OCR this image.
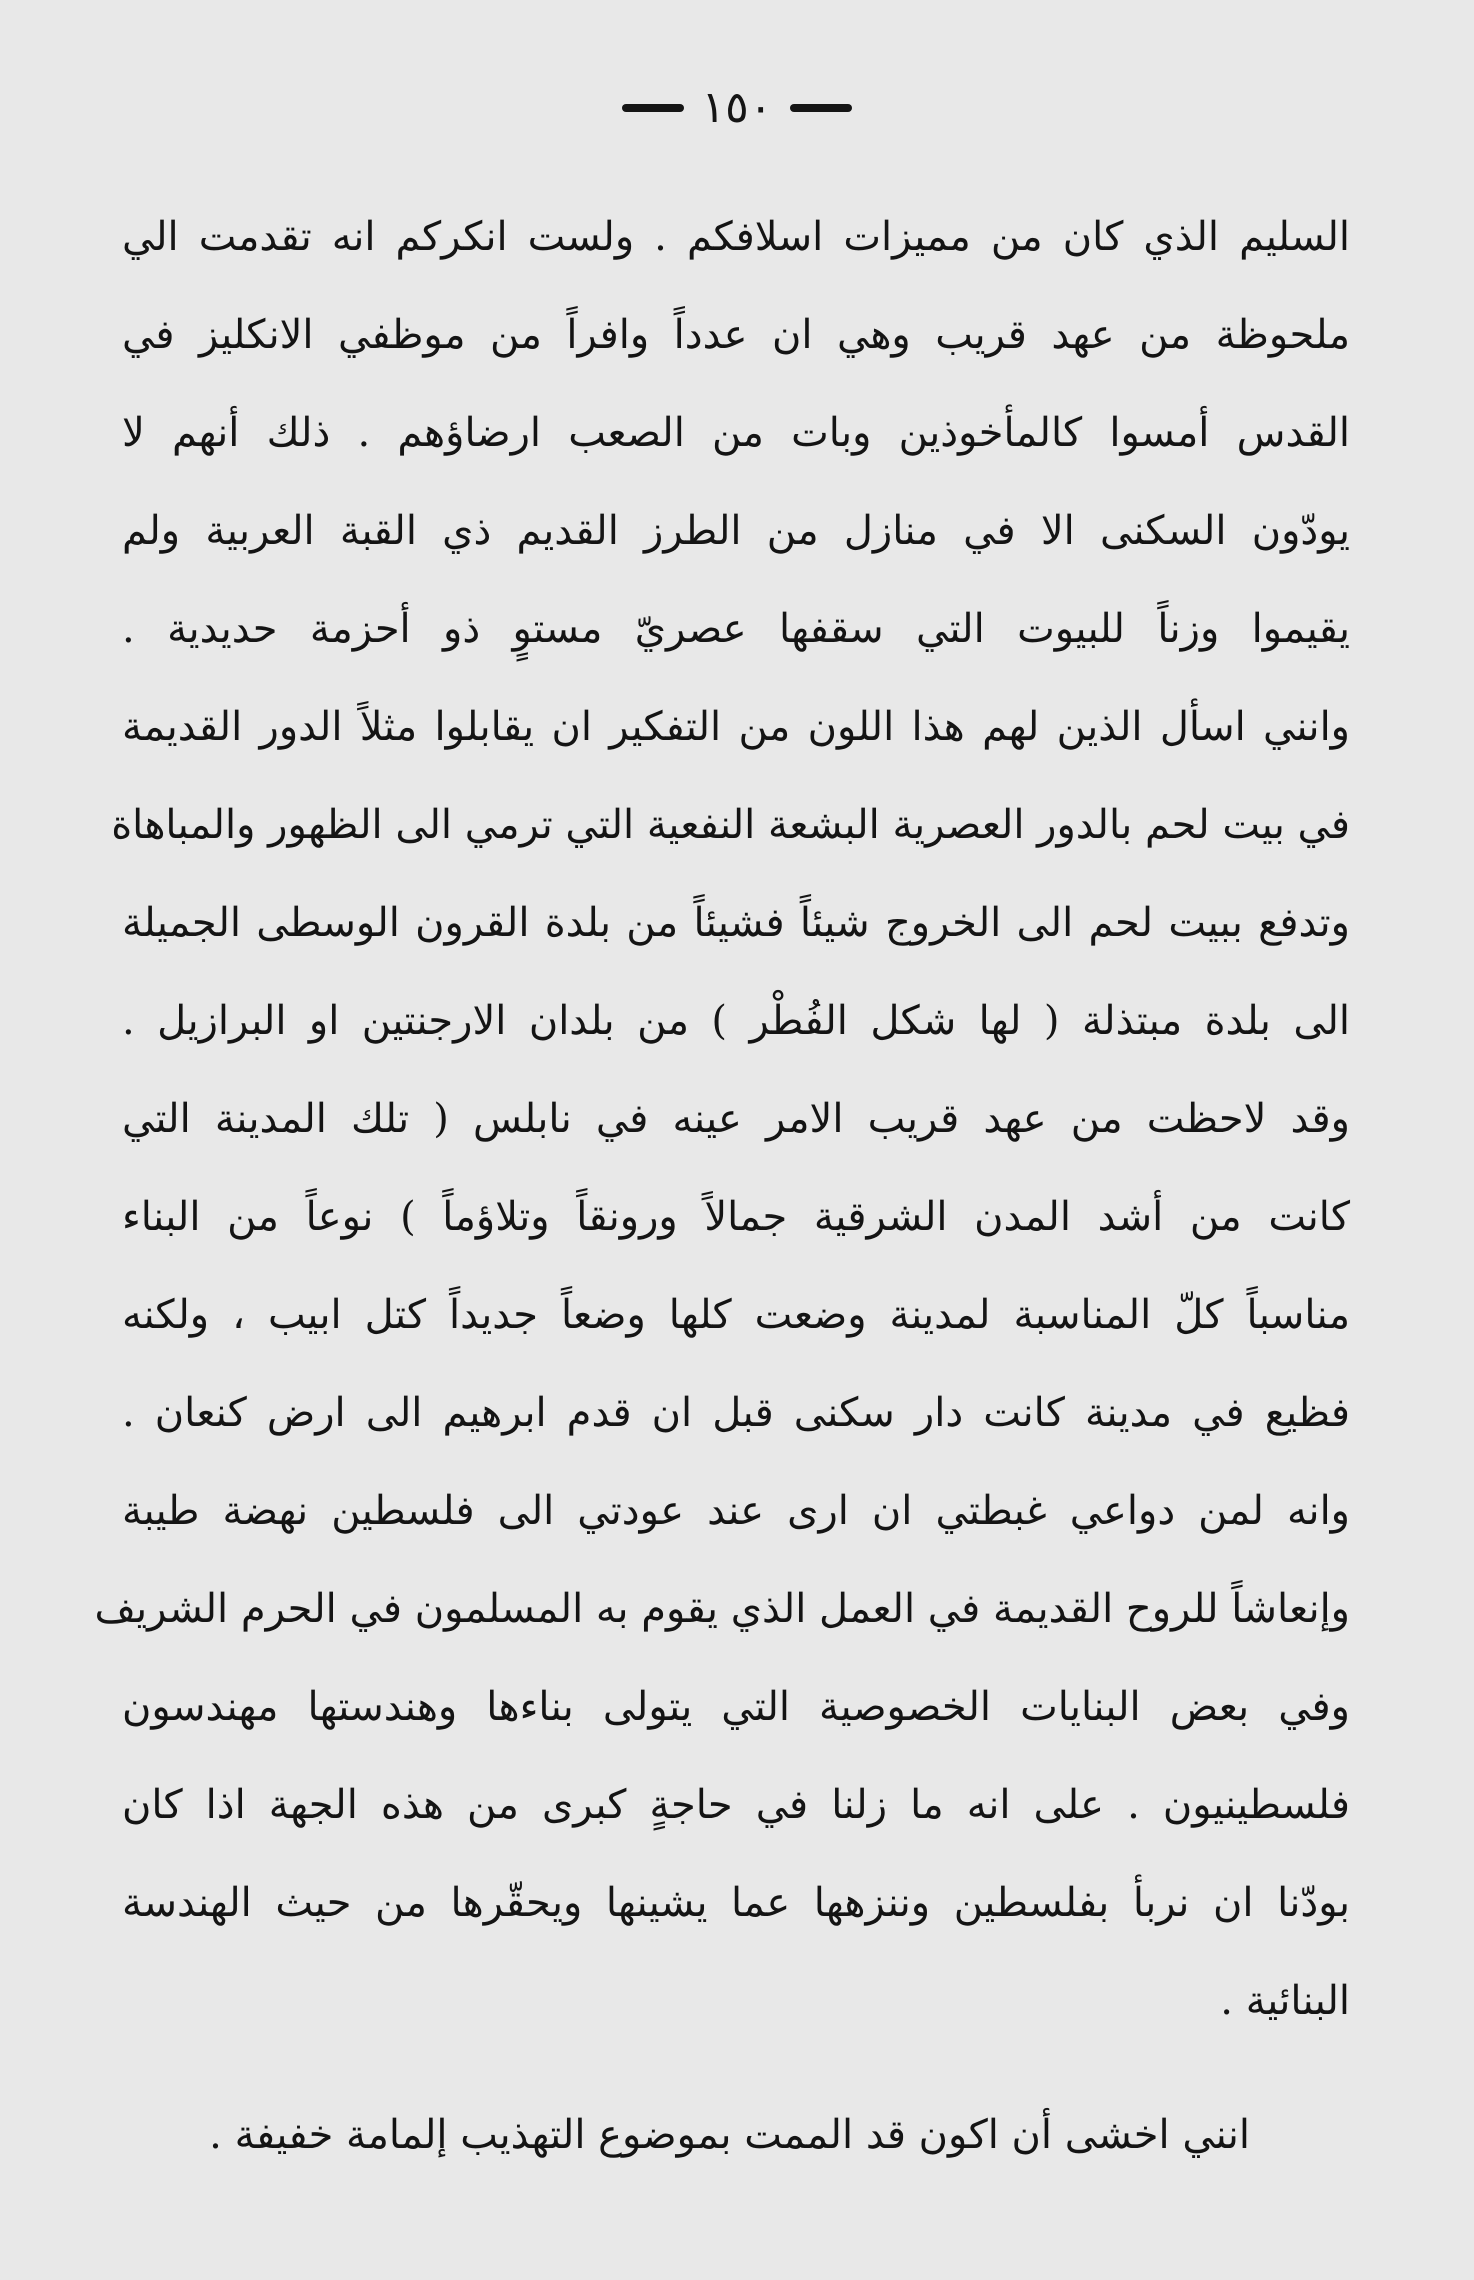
١٥٠
السليم الذي كان من مميزات اسلافكم . ولست انكركم انه تقدمت الي
ملحوظة من عهد قريب وهي ان عدداً وافراً من موظفي الانكليز في
القدس أمسوا كالمأخوذين وبات من الصعب ارضاؤهم . ذلك أنهم لا
يودّون السكنى الا في منازل من الطرز القديم ذي القبة العربية ولم
يقيموا وزناً للبيوت التي سقفها عصريّ مستوٍ ذو أحزمة حديدية .
وانني اسأل الذين لهم هذا اللون من التفكير ان يقابلوا مثلاً الدور القديمة
في بيت لحم بالدور العصرية البشعة النفعية التي ترمي الى الظهور والمباهاة
وتدفع ببيت لحم الى الخروج شيئاً فشيئاً من بلدة القرون الوسطى الجميلة
الى بلدة مبتذلة ( لها شكل الفُطْر ) من بلدان الارجنتين او البرازيل .
وقد لاحظت من عهد قريب الامر عينه في نابلس ( تلك المدينة التي
كانت من أشد المدن الشرقية جمالاً ورونقاً وتلاؤماً ) نوعاً من البناء
مناسباً كلّ المناسبة لمدينة وضعت كلها وضعاً جديداً كتل ابيب ، ولكنه
فظيع في مدينة كانت دار سكنى قبل ان قدم ابرهيم الى ارض كنعان .
وانه لمن دواعي غبطتي ان ارى عند عودتي الى فلسطين نهضة طيبة
وإنعاشاً للروح القديمة في العمل الذي يقوم به المسلمون في الحرم الشريف
وفي بعض البنايات الخصوصية التي يتولى بناءها وهندستها مهندسون
فلسطينيون . على انه ما زلنا في حاجةٍ كبرى من هذه الجهة اذا كان
بودّنا ان نربأ بفلسطين وننزهها عما يشينها ويحقّرها من حيث الهندسة
البنائية .
انني اخشى أن اكون قد الممت بموضوع التهذيب إلمامة خفيفة .
